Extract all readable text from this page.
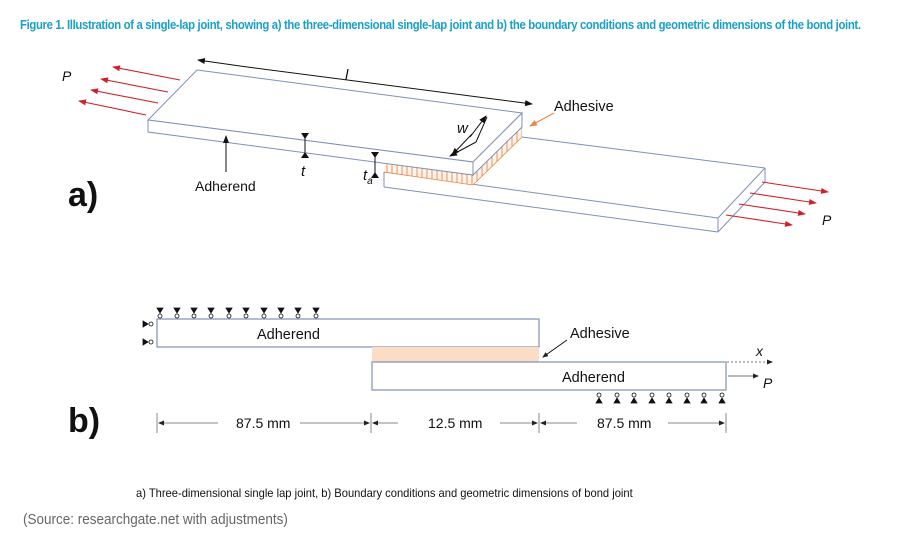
Figure 1. Illustration of a single-lap joint, showing a) the three-dimensional single-lap joint and b) the boundary conditions and geometric dimensions of the bond joint.
P
P
l
w
Adhesive
t	$t_a$
Adherend
a)
Adherend
Adherend
Adhesive
x
P
87.5 mm	12.5 mm	87.5 mm
b)
a) Three-dimensional single lap joint, b) Boundary conditions and geometric dimensions of bond joint
(Source: researchgate.net with adjustments)
